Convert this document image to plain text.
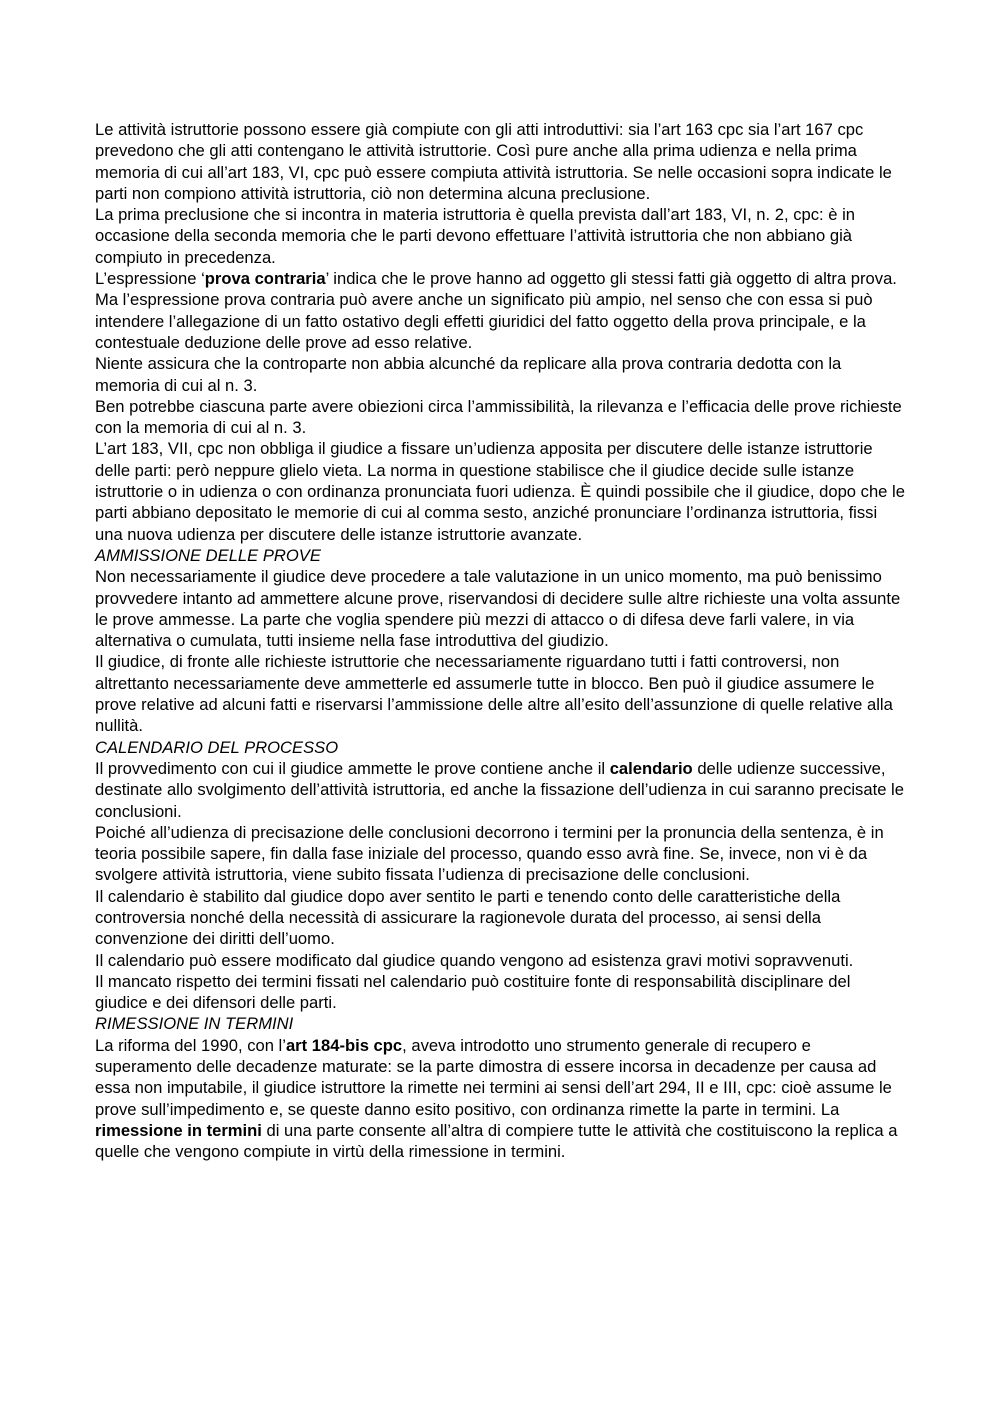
Le attività istruttorie possono essere già compiute con gli atti introduttivi: sia l’art 163 cpc sia l’art 167 cpc prevedono che gli atti contengano le attività istruttorie. Così pure anche alla prima udienza e nella prima memoria di cui all’art 183, VI, cpc può essere compiuta attività istruttoria. Se nelle occasioni sopra indicate le parti non compiono attività istruttoria, ciò non determina alcuna preclusione.

La prima preclusione che si incontra in materia istruttoria è quella prevista dall’art 183, VI, n. 2, cpc: è in occasione della seconda memoria che le parti devono effettuare l’attività istruttoria che non abbiano già compiuto in precedenza.

L’espressione ‘prova contraria’ indica che le prove hanno ad oggetto gli stessi fatti già oggetto di altra prova.

Ma l’espressione prova contraria può avere anche un significato più ampio, nel senso che con essa si può intendere l’allegazione di un fatto ostativo degli effetti giuridici del fatto oggetto della prova principale, e la contestuale deduzione delle prove ad esso relative.

Niente assicura che la controparte non abbia alcunché da replicare alla prova contraria dedotta con la memoria di cui al n. 3.

Ben potrebbe ciascuna parte avere obiezioni circa l’ammissibilità, la rilevanza e l’efficacia delle prove richieste con la memoria di cui al n. 3.

L’art 183, VII, cpc non obbliga il giudice a fissare un’udienza apposita per discutere delle istanze istruttorie delle parti: però neppure glielo vieta. La norma in questione stabilisce che il giudice decide sulle istanze istruttorie o in udienza o con ordinanza pronunciata fuori udienza. È quindi possibile che il giudice, dopo che le parti abbiano depositato le memorie di cui al comma sesto, anziché pronunciare l’ordinanza istruttoria, fissi una nuova udienza per discutere delle istanze istruttorie avanzate.

AMMISSIONE DELLE PROVE

Non necessariamente il giudice deve procedere a tale valutazione in un unico momento, ma può benissimo provvedere intanto ad ammettere alcune prove, riservandosi di decidere sulle altre richieste una volta assunte le prove ammesse. La parte che voglia spendere più mezzi di attacco o di difesa deve farli valere, in via alternativa o cumulata, tutti insieme nella fase introduttiva del giudizio.

Il giudice, di fronte alle richieste istruttorie che necessariamente riguardano tutti i fatti controversi, non altrettanto necessariamente deve ammetterle ed assumerle tutte in blocco. Ben può il giudice assumere le prove relative ad alcuni fatti e riservarsi l’ammissione delle altre all’esito dell’assunzione di quelle relative alla nullità.

CALENDARIO DEL PROCESSO

Il provvedimento con cui il giudice ammette le prove contiene anche il calendario delle udienze successive, destinate allo svolgimento dell’attività istruttoria, ed anche la fissazione dell’udienza in cui saranno precisate le conclusioni.

Poiché all’udienza di precisazione delle conclusioni decorrono i termini per la pronuncia della sentenza, è in teoria possibile sapere, fin dalla fase iniziale del processo, quando esso avrà fine. Se, invece, non vi è da svolgere attività istruttoria, viene subito fissata l’udienza di precisazione delle conclusioni.

Il calendario è stabilito dal giudice dopo aver sentito le parti e tenendo conto delle caratteristiche della controversia nonché della necessità di assicurare la ragionevole durata del processo, ai sensi della convenzione dei diritti dell’uomo.

Il calendario può essere modificato dal giudice quando vengono ad esistenza gravi motivi sopravvenuti.

Il mancato rispetto dei termini fissati nel calendario può costituire fonte di responsabilità disciplinare del giudice e dei difensori delle parti.

RIMESSIONE IN TERMINI

La riforma del 1990, con l’art 184-bis cpc, aveva introdotto uno strumento generale di recupero e superamento delle decadenze maturate: se la parte dimostra di essere incorsa in decadenze per causa ad essa non imputabile, il giudice istruttore la rimette nei termini ai sensi dell’art 294, II e III, cpc: cioè assume le prove sull’impedimento e, se queste danno esito positivo, con ordinanza rimette la parte in termini. La rimessione in termini di una parte consente all’altra di compiere tutte le attività che costituiscono la replica a quelle che vengono compiute in virtù della rimessione in termini.
